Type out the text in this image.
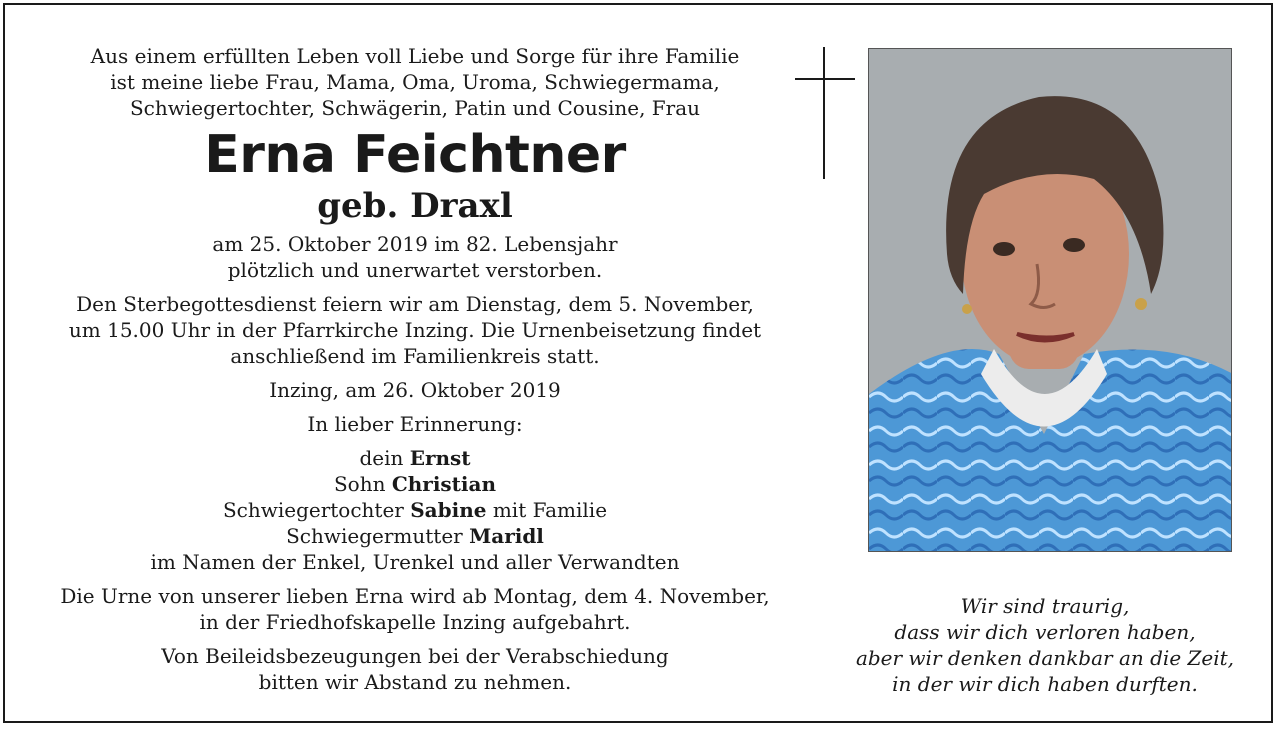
Aus einem erfüllten Leben voll Liebe und Sorge für ihre Familie

ist meine liebe Frau, Mama, Oma, Uroma, Schwiegermama,

Schwiegertochter, Schwägerin, Patin und Cousine, Frau

Erna Feichtner

geb. Draxl

am 25. Oktober 2019 im 82. Lebensjahr

plötzlich und unerwartet verstorben.

Den Sterbegottesdienst feiern wir am Dienstag, dem 5. November,

um 15.00 Uhr in der Pfarrkirche Inzing. Die Urnenbeisetzung findet

anschließend im Familienkreis statt.

Inzing, am 26. Oktober 2019

In lieber Erinnerung:

dein Ernst

Sohn Christian

Schwiegertochter Sabine mit Familie

Schwiegermutter Maridl

im Namen der Enkel, Urenkel und aller Verwandten

Die Urne von unserer lieben Erna wird ab Montag, dem 4. November,

in der Friedhofskapelle Inzing aufgebahrt.

Von Beileidsbezeugungen bei der Verabschiedung

bitten wir Abstand zu nehmen.

Wir sind traurig,

dass wir dich verloren haben,

aber wir denken dankbar an die Zeit,

in der wir dich haben durften.
